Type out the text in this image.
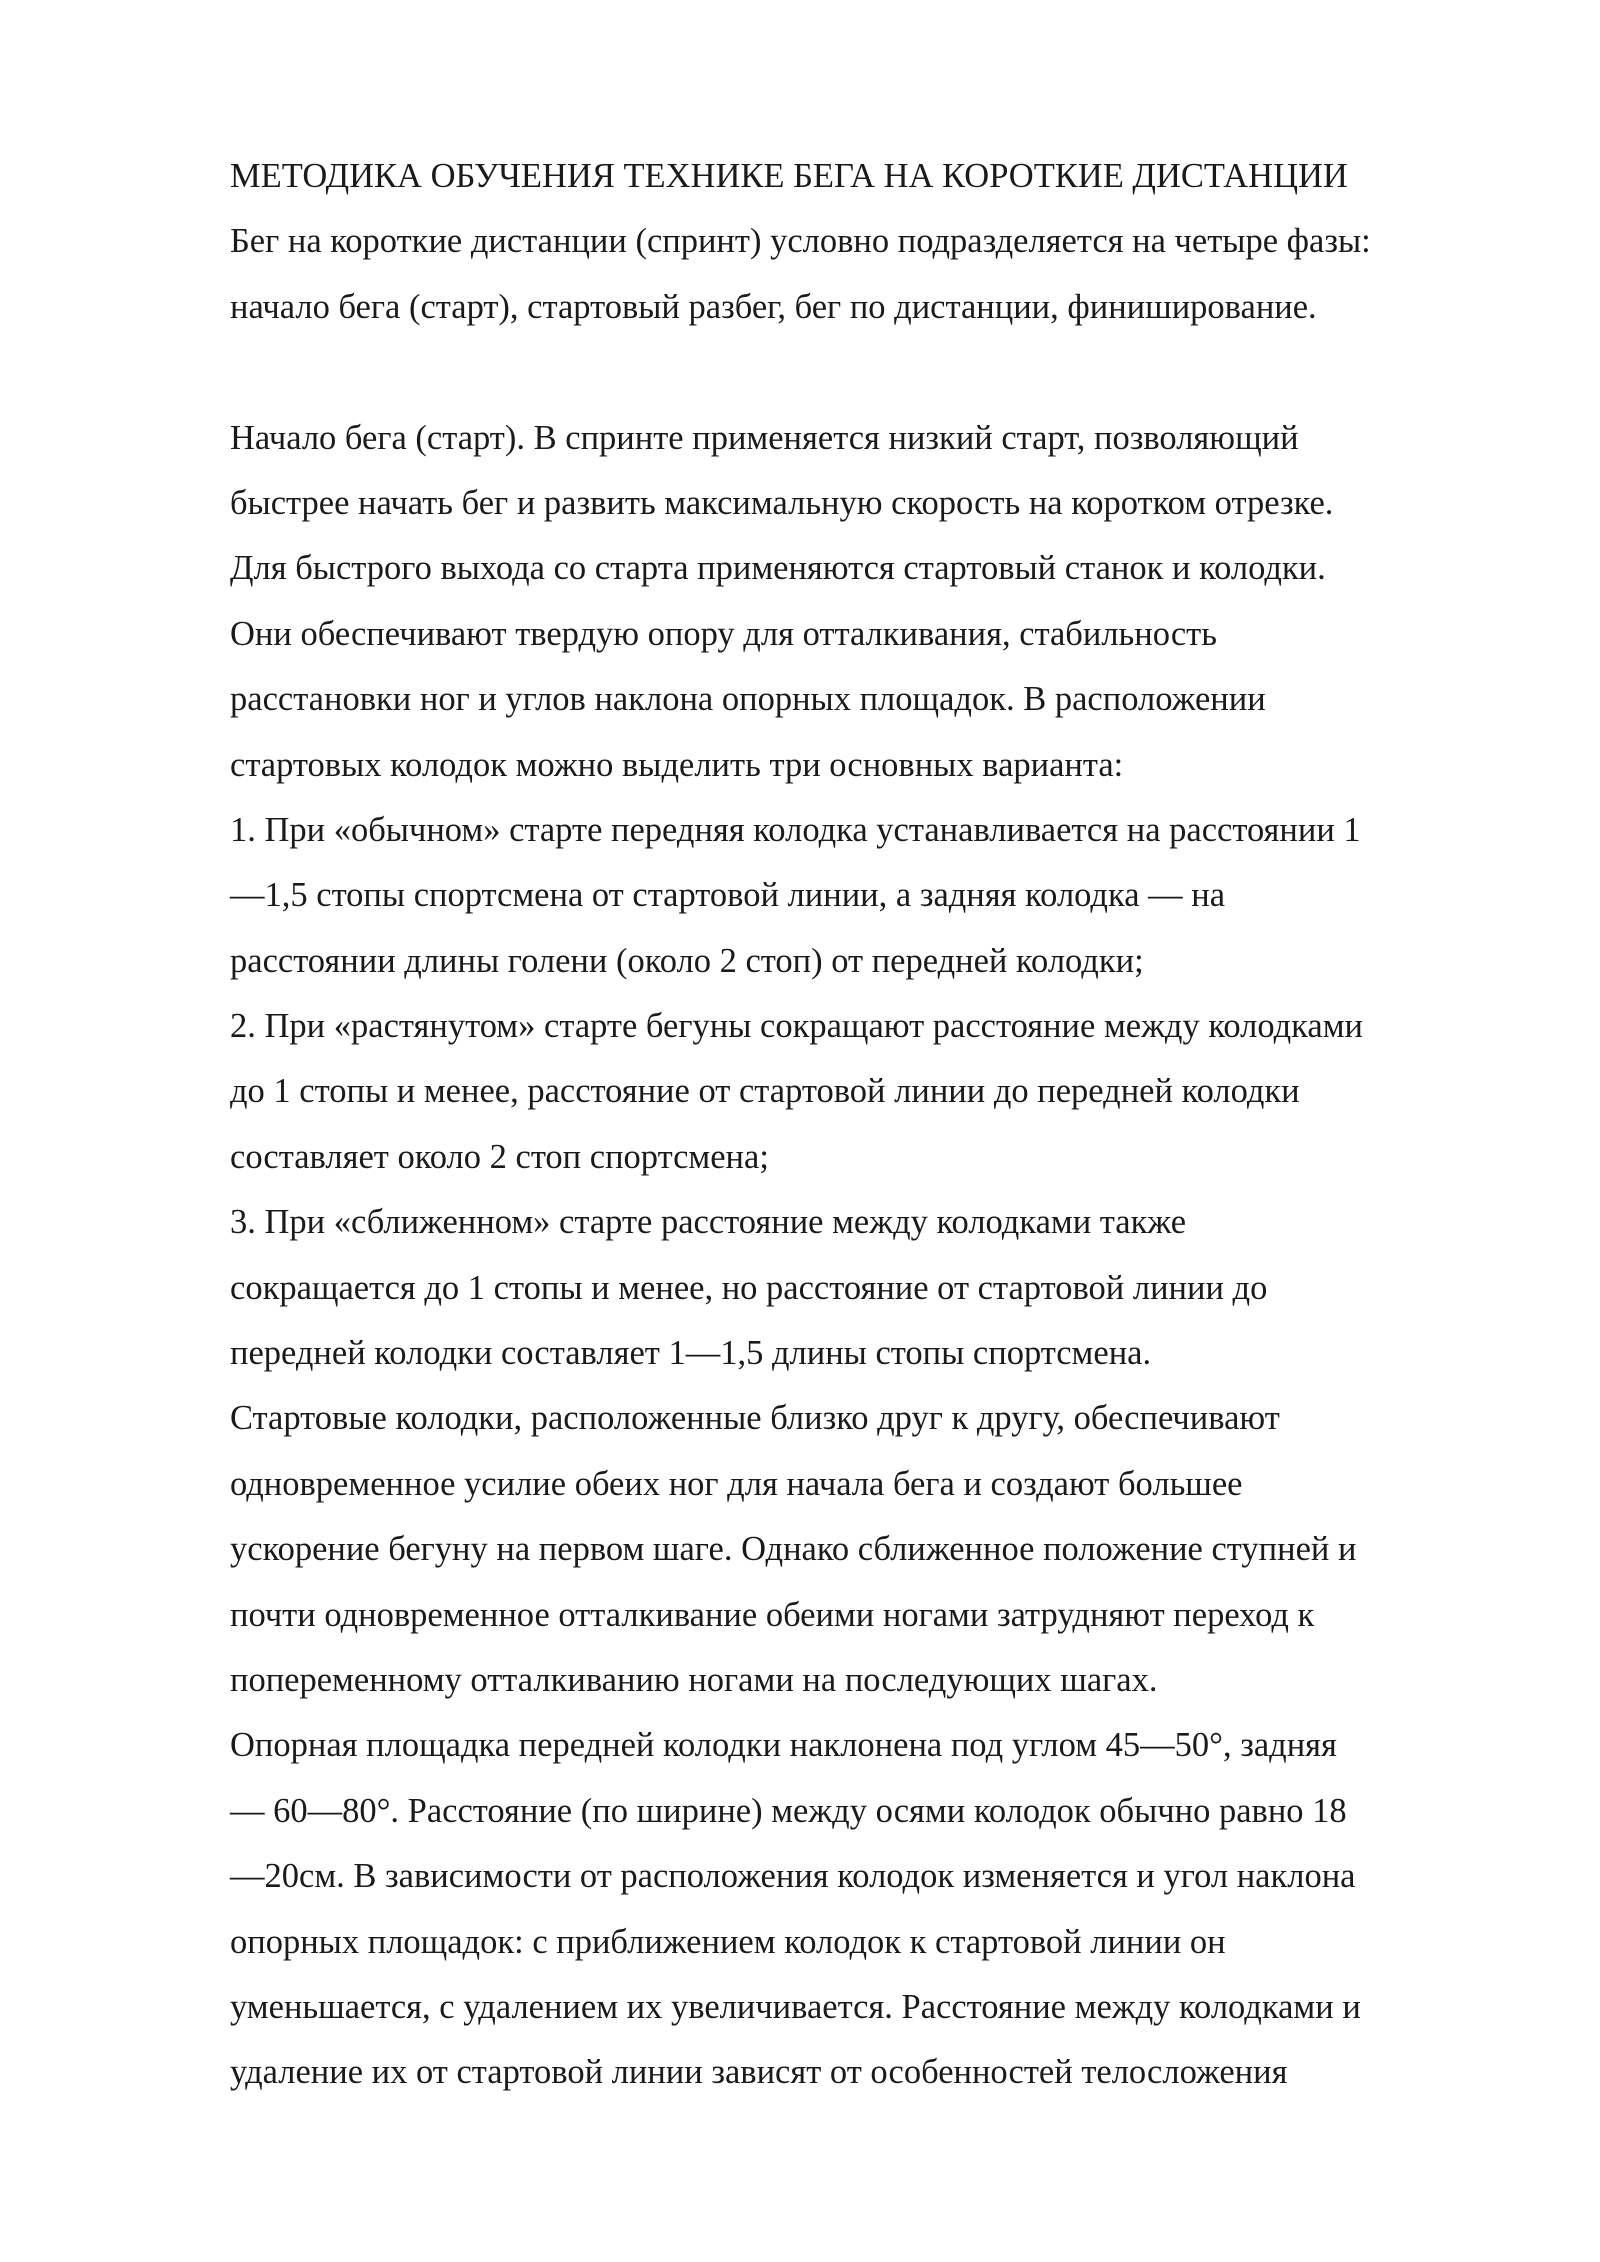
МЕТОДИКА ОБУЧЕНИЯ ТЕХНИКЕ БЕГА НА КОРОТКИЕ ДИСТАНЦИИ
Бег на короткие дистанции (спринт) условно подразделяется на четыре фазы:
начало бега (старт), стартовый разбег, бег по дистанции, финиширование.
Начало бега (старт). В спринте применяется низкий старт, позволяющий
быстрее начать бег и развить максимальную скорость на коротком отрезке.
Для быстрого выхода со старта применяются стартовый станок и колодки.
Они обеспечивают твердую опору для отталкивания, стабильность
расстановки ног и углов наклона опорных площадок. В расположении
стартовых колодок можно выделить три основных варианта:
1. При «обычном» старте передняя колодка устанавливается на расстоянии 1
—1,5 стопы спортсмена от стартовой линии, а задняя колодка — на
расстоянии длины голени (около 2 стоп) от передней колодки;
2. При «растянутом» старте бегуны сокращают расстояние между колодками
до 1 стопы и менее, расстояние от стартовой линии до передней колодки
составляет около 2 стоп спортсмена;
3. При «сближенном» старте расстояние между колодками также
сокращается до 1 стопы и менее, но расстояние от стартовой линии до
передней колодки составляет 1—1,5 длины стопы спортсмена.
Стартовые колодки, расположенные близко друг к другу, обеспечивают
одновременное усилие обеих ног для начала бега и создают большее
ускорение бегуну на первом шаге. Однако сближенное положение ступней и
почти одновременное отталкивание обеими ногами затрудняют переход к
попеременному отталкиванию ногами на последующих шагах.
Опорная площадка передней колодки наклонена под углом 45—50°, задняя
— 60—80°. Расстояние (по ширине) между осями колодок обычно равно 18
—20см. В зависимости от расположения колодок изменяется и угол наклона
опорных площадок: с приближением колодок к стартовой линии он
уменьшается, с удалением их увеличивается. Расстояние между колодками и
удаление их от стартовой линии зависят от особенностей телосложения
